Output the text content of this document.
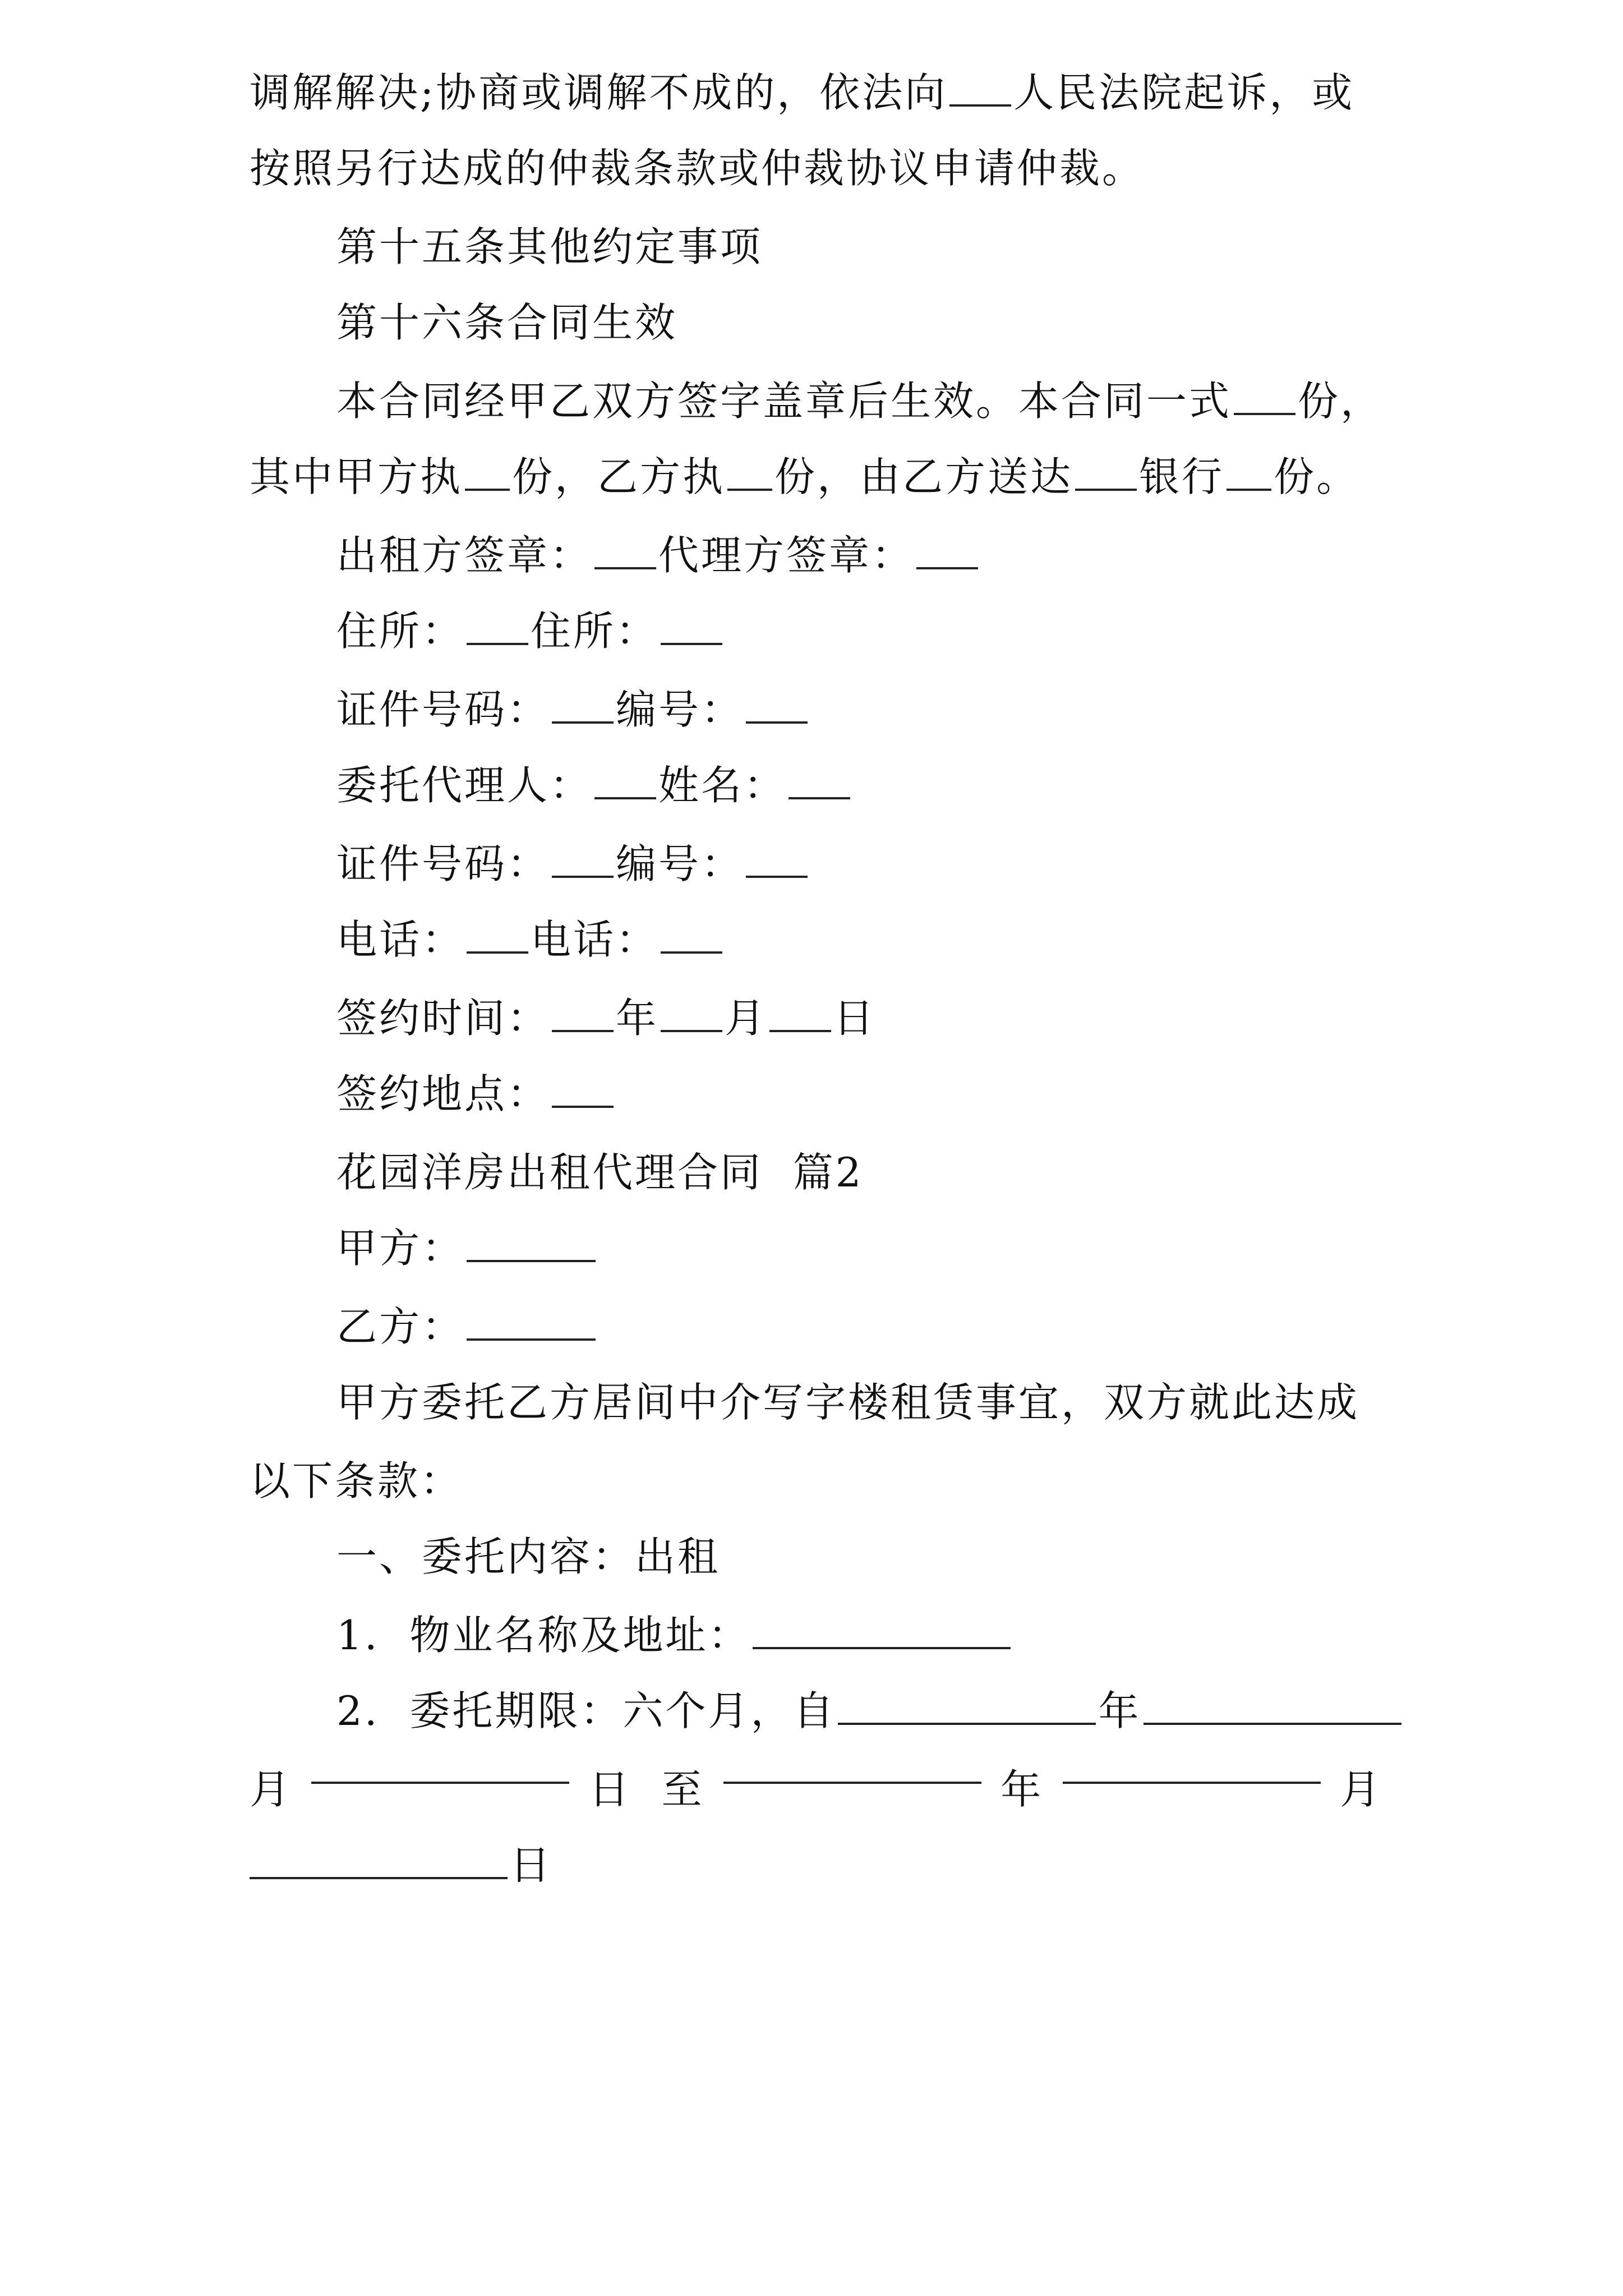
调解解决;协商或调解不成的，依法向 人民法院起诉，或
按照另行达成的仲裁条款或仲裁协议申请仲裁。
第十五条其他约定事项
第十六条合同生效
本合同经甲乙双方签字盖章后生效。本合同一式 份，
其中甲方执 份，乙方执 份，由乙方送达 银行 份。
出租方签章： 代理方签章：
住所： 住所：
证件号码： 编号：
委托代理人： 姓名：
证件号码： 编号：
电话： 电话：
签约时间： 年 月 日
签约地点：
花园洋房出租代理合同  篇2
甲方：
乙方：
甲方委托乙方居间中介写字楼租赁事宜，双方就此达成
以下条款：
一、委托内容：出租
1.  物业名称及地址：
2.  委托期限：六个月，自	年
月	日  至	年	月
日
